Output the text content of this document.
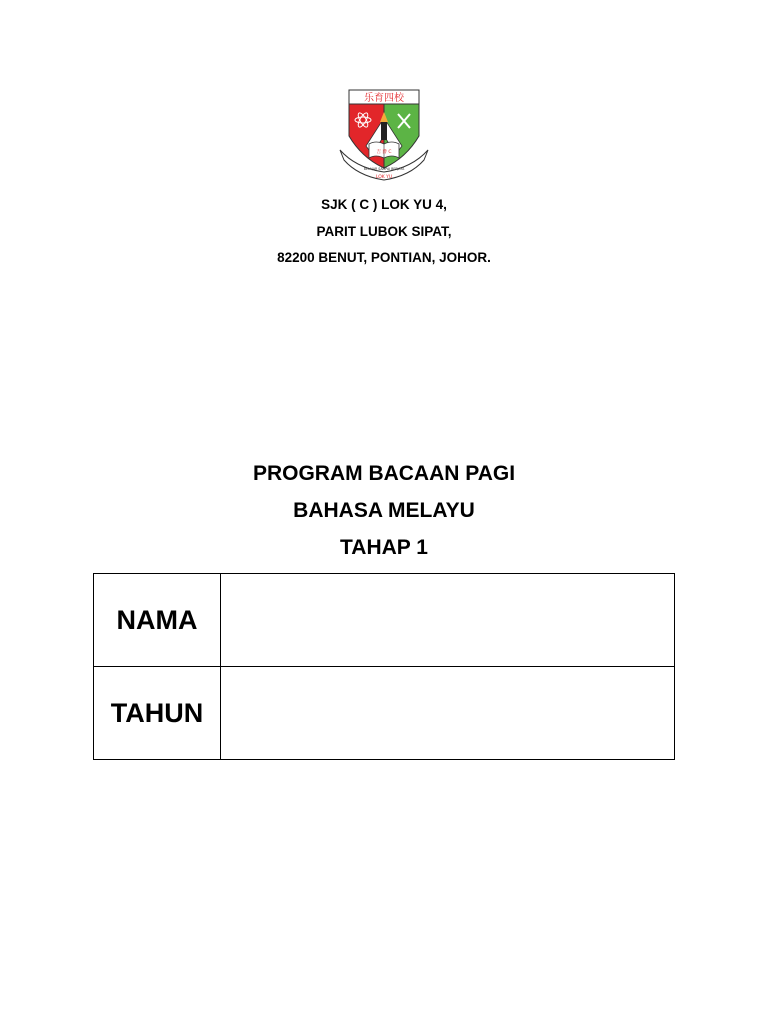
乐育四校
吉 爵 C
BELAJAR SAMPAI BERJAYA
LOK YU
SJK ( C ) LOK YU 4,
PARIT LUBOK SIPAT,
82200 BENUT, PONTIAN, JOHOR.
PROGRAM BACAAN PAGI
BAHASA MELAYU
TAHAP 1
NAMA	
TAHUN	
